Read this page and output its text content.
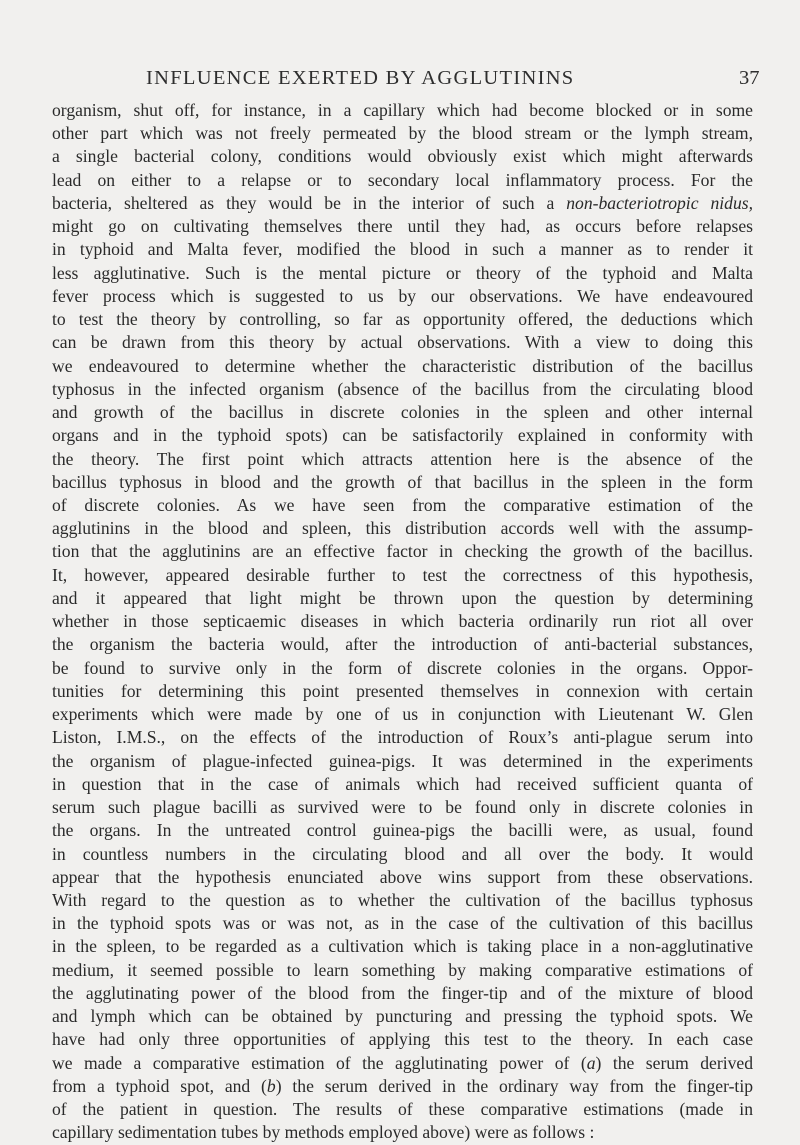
INFLUENCE EXERTED BY AGGLUTININS	37
organism, shut off, for instance, in a capillary which had become blocked or in some
other part which was not freely permeated by the blood stream or the lymph stream,
a single bacterial colony, conditions would obviously exist which might afterwards
lead on either to a relapse or to secondary local inflammatory process. For the
bacteria, sheltered as they would be in the interior of such a non-bacteriotropic nidus,
might go on cultivating themselves there until they had, as occurs before relapses
in typhoid and Malta fever, modified the blood in such a manner as to render it
less agglutinative. Such is the mental picture or theory of the typhoid and Malta
fever process which is suggested to us by our observations. We have endeavoured
to test the theory by controlling, so far as opportunity offered, the deductions which
can be drawn from this theory by actual observations. With a view to doing this
we endeavoured to determine whether the characteristic distribution of the bacillus
typhosus in the infected organism (absence of the bacillus from the circulating blood
and growth of the bacillus in discrete colonies in the spleen and other internal
organs and in the typhoid spots) can be satisfactorily explained in conformity with
the theory. The first point which attracts attention here is the absence of the
bacillus typhosus in blood and the growth of that bacillus in the spleen in the form
of discrete colonies. As we have seen from the comparative estimation of the
agglutinins in the blood and spleen, this distribution accords well with the assump-
tion that the agglutinins are an effective factor in checking the growth of the bacillus.
It, however, appeared desirable further to test the correctness of this hypothesis,
and it appeared that light might be thrown upon the question by determining
whether in those septicaemic diseases in which bacteria ordinarily run riot all over
the organism the bacteria would, after the introduction of anti-bacterial substances,
be found to survive only in the form of discrete colonies in the organs. Oppor-
tunities for determining this point presented themselves in connexion with certain
experiments which were made by one of us in conjunction with Lieutenant W. Glen
Liston, I.M.S., on the effects of the introduction of Roux’s anti-plague serum into
the organism of plague-infected guinea-pigs. It was determined in the experiments
in question that in the case of animals which had received sufficient quanta of
serum such plague bacilli as survived were to be found only in discrete colonies in
the organs. In the untreated control guinea-pigs the bacilli were, as usual, found
in countless numbers in the circulating blood and all over the body. It would
appear that the hypothesis enunciated above wins support from these observations.
With regard to the question as to whether the cultivation of the bacillus typhosus
in the typhoid spots was or was not, as in the case of the cultivation of this bacillus
in the spleen, to be regarded as a cultivation which is taking place in a non-agglutinative
medium, it seemed possible to learn something by making comparative estimations of
the agglutinating power of the blood from the finger-tip and of the mixture of blood
and lymph which can be obtained by puncturing and pressing the typhoid spots. We
have had only three opportunities of applying this test to the theory. In each case
we made a comparative estimation of the agglutinating power of (a) the serum derived
from a typhoid spot, and (b) the serum derived in the ordinary way from the finger-tip
of the patient in question. The results of these comparative estimations (made in
capillary sedimentation tubes by methods employed above) were as follows :
